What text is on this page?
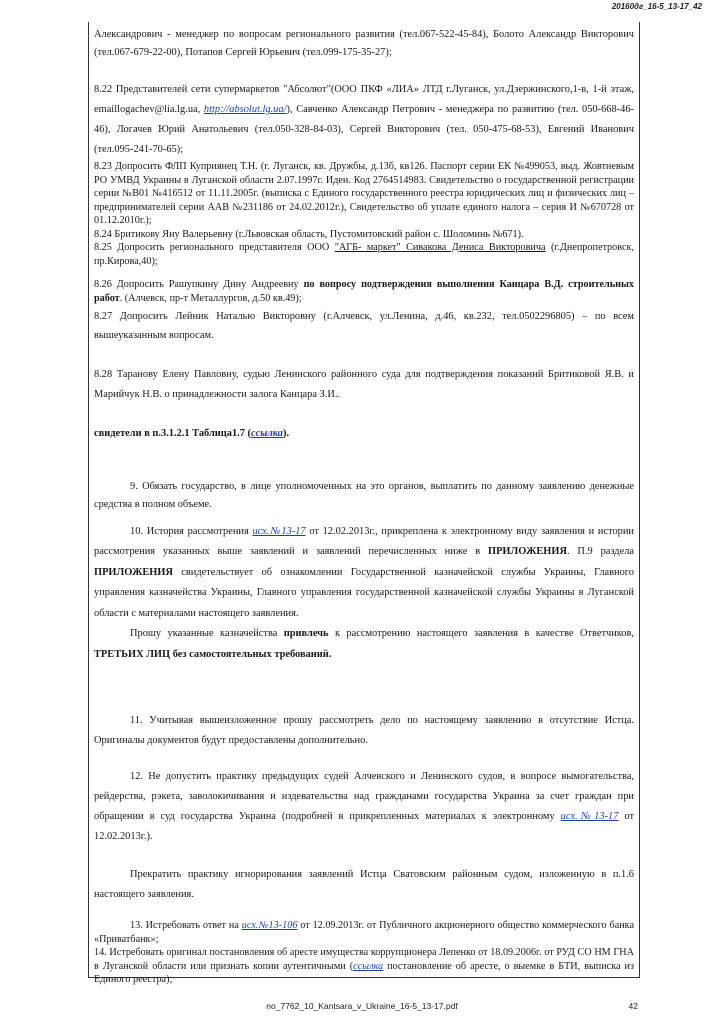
20160дг_16-5_13-17_42

Александрович - менеджер по вопросам регионального развития (тел.067-522-45-84), Болото Александр Викторович (тел.067-679-22-00), Потапов Сергей Юрьевич (тел.099-175-35-27);

8.22 Представителей сети супермаркетов "Абсолют"(ООО ПКФ «ЛИА» ЛТД г.Луганск, ул.Дзержинского,1-в, 1-й этаж, emaillogachev@lia.lg.ua, http://absolut.lg.ua/), Савченко Александр Петрович - менеджера по развитию (тел. 050-668-46-46), Логачев Юрий Анатольевич (тел.050-328-84-03), Сергей Викторович (тел. 050-475-68-53), Евгений Иванович (тел.095-241-70-65);

8.23 Допросить ФЛП Куприянец Т.Н. (г. Луганск, кв. Дружбы, д.13б, кв126. Паспорт серии ЕК №499053, выд. Жовтневым РО УМВД Украины в Луганской области 2.07.1997г. Иден. Код 2764514983. Свидетельство о государственной регистрации серии №В01 №416512 от 11.11.2005г. (выписка с Единого государственного реестра юридических лиц и физических лиц – предпринимателей серии ААВ №231186 от 24.02.2012г.), Свидетельство об уплате единого налога – серия И №670728 от 01.12.2010г.);

8.24 Бритикову Яну Валерьевну (г.Львовская область, Пустомитовский район с. Шоломинь №671).

8.25 Допросить регионального представителя ООО "АГБ- маркет" Сивакова Дениса Викторовича (г.Днепропетровск, пр.Кирова,40);

8.26 Допросить Рашупкину Дину Андреевну по вопросу подтверждения выполнения Канцара В.Д. строительных работ. (Алчевск, пр-т Металлургов, д.50 кв.49);

8.27 Допросить Лейник Наталью Викторовну (г.Алчевск, ул.Ленина, д.46, кв.232, тел.0502296805) – по всем вышеуказанным вопросам.

8.28 Таранову Елену Павловну, судью Ленинского районного суда для подтверждения показаний Бритиковой Я.В. и Марийчук Н.В. о принадлежности залога Канцара З.И..

свидетели в п.3.1.2.1 Таблица1.7 (ссылка).

9. Обязать государство, в лице уполномоченных на это органов, выплатить по данному заявлению денежные средства в полном объеме.

10. История рассмотрения исх.№13-17 от 12.02.2013г., прикреплена к электронному виду заявления и истории рассмотрения указанных выше заявлений и заявлений перечисленных ниже в ПРИЛОЖЕНИЯ. П.9 раздела ПРИЛОЖЕНИЯ свидетельствует об ознакомлении Государственной казначейской службы Украины, Главного управления казначейства Украины, Главного управления государственной казначейской службы Украины в Луганской области с материалами настоящего заявления.

Прошу указанные казначейства привлечь к рассмотрению настоящего заявления в качестве Ответчиков, ТРЕТЬИХ ЛИЦ без самостоятельных требований.

11. Учитывая вышеизложенное прошу рассмотреть дело по настоящему заявлению в отсутствие Истца. Оригиналы документов будут предоставлены дополнительно.

12. Не допустить практику предыдущих судей Алчевского и Ленинского судов, в вопросе вымогательства, рейдерства, рэкета, заволокичивания и издевательства над гражданами государства Украина за счет граждан при обращении в суд государства Украина (подробней в прикрепленных материалах к электронному исх.№13-17 от 12.02.2013г.).

Прекратить практику игнорирования заявлений Истца Сватовским районным судом, изложенную в п.1.6 настоящего заявления.

13. Истребовать ответ на исх.№13-106 от 12.09.2013г. от Публичного акционерного общество коммерческого банка «Приватбанк»;

14. Истребовать оригинал постановления об аресте имущества коррупционера Лепенко от 18.09.2006г. от РУД СО НМ ГНА в Луганской области или признать копии аутентичными (ссылка постановление об аресте, о выемке в БТИ, выписка из Единого реестра);

no_7762_10_Kantsara_v_Ukraine_16-5_13-17.pdf	42
